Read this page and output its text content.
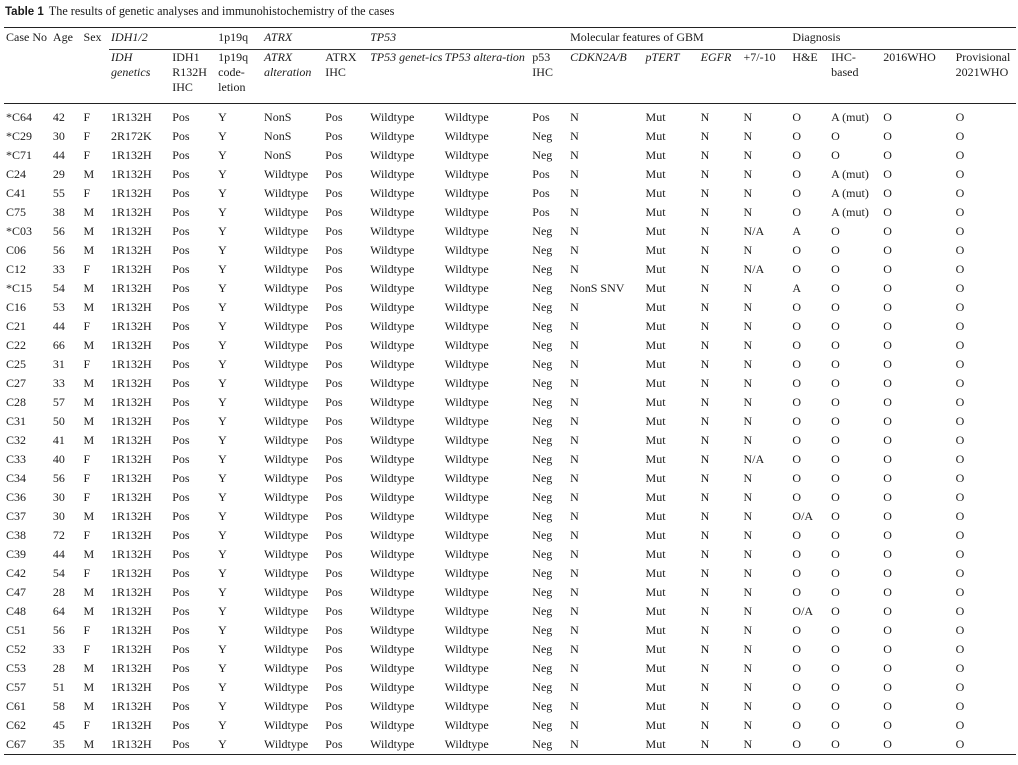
Table 1 The results of genetic analyses and immunohistochemistry of the cases
Case No	Age	Sex	IDH1/2		1p19q	ATRX		TP53			Molecular features of GBM				Diagnosis			
			IDH genetics	IDH1 R132H IHC	1p19q code-letion	ATRX alteration	ATRX IHC	TP53 genet-ics	TP53 altera-tion	p53 IHC	CDKN2A/B	pTERT	EGFR	+7/-10	H&E	IHC-based	2016WHO	Provisional 2021WHO
*C64	42	F	1R132H	Pos	Y	NonS	Pos	Wildtype	Wildtype	Pos	N	Mut	N	N	O	A (mut)	O	O
*C29	30	F	2R172K	Pos	Y	NonS	Pos	Wildtype	Wildtype	Neg	N	Mut	N	N	O	O	O	O
*C71	44	F	1R132H	Pos	Y	NonS	Pos	Wildtype	Wildtype	Neg	N	Mut	N	N	O	O	O	O
C24	29	M	1R132H	Pos	Y	Wildtype	Pos	Wildtype	Wildtype	Pos	N	Mut	N	N	O	A (mut)	O	O
C41	55	F	1R132H	Pos	Y	Wildtype	Pos	Wildtype	Wildtype	Pos	N	Mut	N	N	O	A (mut)	O	O
C75	38	M	1R132H	Pos	Y	Wildtype	Pos	Wildtype	Wildtype	Pos	N	Mut	N	N	O	A (mut)	O	O
*C03	56	M	1R132H	Pos	Y	Wildtype	Pos	Wildtype	Wildtype	Neg	N	Mut	N	N/A	A	O	O	O
C06	56	M	1R132H	Pos	Y	Wildtype	Pos	Wildtype	Wildtype	Neg	N	Mut	N	N	O	O	O	O
C12	33	F	1R132H	Pos	Y	Wildtype	Pos	Wildtype	Wildtype	Neg	N	Mut	N	N/A	O	O	O	O
*C15	54	M	1R132H	Pos	Y	Wildtype	Pos	Wildtype	Wildtype	Neg	NonS SNV	Mut	N	N	A	O	O	O
C16	53	M	1R132H	Pos	Y	Wildtype	Pos	Wildtype	Wildtype	Neg	N	Mut	N	N	O	O	O	O
C21	44	F	1R132H	Pos	Y	Wildtype	Pos	Wildtype	Wildtype	Neg	N	Mut	N	N	O	O	O	O
C22	66	M	1R132H	Pos	Y	Wildtype	Pos	Wildtype	Wildtype	Neg	N	Mut	N	N	O	O	O	O
C25	31	F	1R132H	Pos	Y	Wildtype	Pos	Wildtype	Wildtype	Neg	N	Mut	N	N	O	O	O	O
C27	33	M	1R132H	Pos	Y	Wildtype	Pos	Wildtype	Wildtype	Neg	N	Mut	N	N	O	O	O	O
C28	57	M	1R132H	Pos	Y	Wildtype	Pos	Wildtype	Wildtype	Neg	N	Mut	N	N	O	O	O	O
C31	50	M	1R132H	Pos	Y	Wildtype	Pos	Wildtype	Wildtype	Neg	N	Mut	N	N	O	O	O	O
C32	41	M	1R132H	Pos	Y	Wildtype	Pos	Wildtype	Wildtype	Neg	N	Mut	N	N	O	O	O	O
C33	40	F	1R132H	Pos	Y	Wildtype	Pos	Wildtype	Wildtype	Neg	N	Mut	N	N/A	O	O	O	O
C34	56	F	1R132H	Pos	Y	Wildtype	Pos	Wildtype	Wildtype	Neg	N	Mut	N	N	O	O	O	O
C36	30	F	1R132H	Pos	Y	Wildtype	Pos	Wildtype	Wildtype	Neg	N	Mut	N	N	O	O	O	O
C37	30	M	1R132H	Pos	Y	Wildtype	Pos	Wildtype	Wildtype	Neg	N	Mut	N	N	O/A	O	O	O
C38	72	F	1R132H	Pos	Y	Wildtype	Pos	Wildtype	Wildtype	Neg	N	Mut	N	N	O	O	O	O
C39	44	M	1R132H	Pos	Y	Wildtype	Pos	Wildtype	Wildtype	Neg	N	Mut	N	N	O	O	O	O
C42	54	F	1R132H	Pos	Y	Wildtype	Pos	Wildtype	Wildtype	Neg	N	Mut	N	N	O	O	O	O
C47	28	M	1R132H	Pos	Y	Wildtype	Pos	Wildtype	Wildtype	Neg	N	Mut	N	N	O	O	O	O
C48	64	M	1R132H	Pos	Y	Wildtype	Pos	Wildtype	Wildtype	Neg	N	Mut	N	N	O/A	O	O	O
C51	56	F	1R132H	Pos	Y	Wildtype	Pos	Wildtype	Wildtype	Neg	N	Mut	N	N	O	O	O	O
C52	33	F	1R132H	Pos	Y	Wildtype	Pos	Wildtype	Wildtype	Neg	N	Mut	N	N	O	O	O	O
C53	28	M	1R132H	Pos	Y	Wildtype	Pos	Wildtype	Wildtype	Neg	N	Mut	N	N	O	O	O	O
C57	51	M	1R132H	Pos	Y	Wildtype	Pos	Wildtype	Wildtype	Neg	N	Mut	N	N	O	O	O	O
C61	58	M	1R132H	Pos	Y	Wildtype	Pos	Wildtype	Wildtype	Neg	N	Mut	N	N	O	O	O	O
C62	45	F	1R132H	Pos	Y	Wildtype	Pos	Wildtype	Wildtype	Neg	N	Mut	N	N	O	O	O	O
C67	35	M	1R132H	Pos	Y	Wildtype	Pos	Wildtype	Wildtype	Neg	N	Mut	N	N	O	O	O	O
